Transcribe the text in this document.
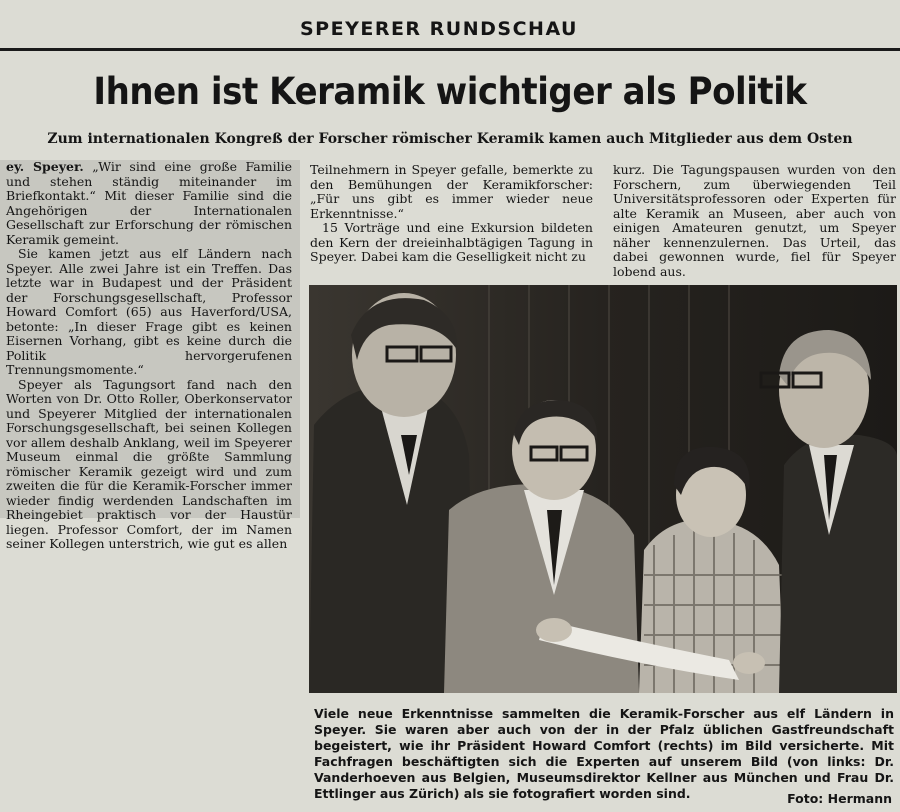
SPEYERER RUNDSCHAU
Ihnen ist Keramik wichtiger als Politik
Zum internationalen Kongreß der Forscher römischer Keramik kamen auch Mitglieder aus dem Osten

ey. Speyer. „Wir sind eine große Familie und stehen ständig miteinander im Briefkontakt.“ Mit dieser Familie sind die Angehörigen der Internationalen Gesellschaft zur Erforschung der römischen Keramik gemeint.

Sie kamen jetzt aus elf Ländern nach Speyer. Alle zwei Jahre ist ein Treffen. Das letzte war in Budapest und der Präsident der Forschungsgesellschaft, Professor Howard Comfort (65) aus Haverford/USA, betonte: „In dieser Frage gibt es keinen Eisernen Vorhang, gibt es keine durch die Politik hervorgerufenen Trennungsmomente.“

Speyer als Tagungsort fand nach den Worten von Dr. Otto Roller, Oberkonservator und Speyerer Mitglied der internationalen Forschungsgesellschaft, bei seinen Kollegen vor allem deshalb Anklang, weil im Speyerer Museum einmal die größte Sammlung römischer Keramik gezeigt wird und zum zweiten die für die Keramik-Forscher immer wieder findig werdenden Landschaften im Rheingebiet praktisch vor der Haustür liegen. Professor Comfort, der im Namen seiner Kollegen unterstrich, wie gut es allen

Teilnehmern in Speyer gefalle, bemerkte zu den Bemühungen der Keramikforscher: „Für uns gibt es immer wieder neue Erkenntnisse.“

15 Vorträge und eine Exkursion bildeten den Kern der dreieinhalbtägigen Tagung in Speyer. Dabei kam die Geselligkeit nicht zu

kurz. Die Tagungspausen wurden von den Forschern, zum überwiegenden Teil Universitätsprofessoren oder Experten für alte Keramik an Museen, aber auch von einigen Amateuren genutzt, um Speyer näher kennenzulernen. Das Urteil, das dabei gewonnen wurde, fiel für Speyer lobend aus.

Viele neue Erkenntnisse sammelten die Keramik-Forscher aus elf Ländern in Speyer. Sie waren aber auch von der in der Pfalz üblichen Gastfreundschaft begeistert, wie ihr Präsident Howard Comfort (rechts) im Bild versicherte. Mit Fachfragen beschäftigten sich die Experten auf unserem Bild (von links: Dr. Vanderhoeven aus Belgien, Museumsdirektor Kellner aus München und Frau Dr. Ettlinger aus Zürich) als sie fotografiert worden sind.	Foto: Hermann
